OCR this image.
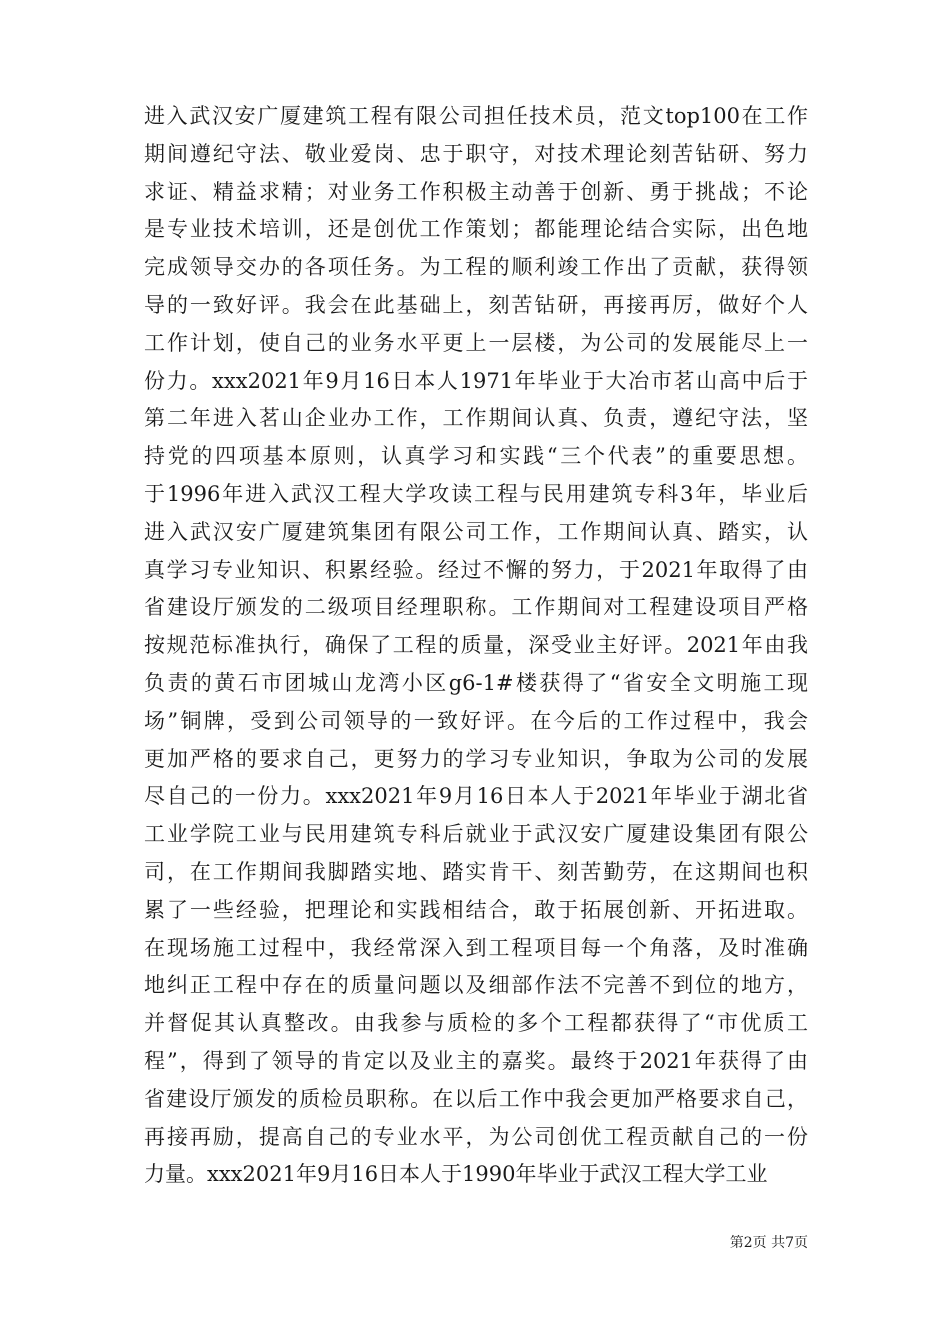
进入武汉安广厦建筑工程有限公司担任技术员，范文top100在工作
期间遵纪守法、敬业爱岗、忠于职守，对技术理论刻苦钻研、努力
求证、精益求精；对业务工作积极主动善于创新、勇于挑战；不论
是专业技术培训，还是创优工作策划；都能理论结合实际，出色地
完成领导交办的各项任务。为工程的顺利竣工作出了贡献，获得领
导的一致好评。我会在此基础上，刻苦钻研，再接再厉，做好个人
工作计划，使自己的业务水平更上一层楼，为公司的发展能尽上一
份力。xxx2021年9月16日本人1971年毕业于大冶市茗山高中后于
第二年进入茗山企业办工作，工作期间认真、负责，遵纪守法，坚
持党的四项基本原则，认真学习和实践“三个代表”的重要思想。
于1996年进入武汉工程大学攻读工程与民用建筑专科3年，毕业后
进入武汉安广厦建筑集团有限公司工作，工作期间认真、踏实，认
真学习专业知识、积累经验。经过不懈的努力，于2021年取得了由
省建设厅颁发的二级项目经理职称。工作期间对工程建设项目严格
按规范标准执行，确保了工程的质量，深受业主好评。2021年由我
负责的黄石市团城山龙湾小区g6-1#楼获得了“省安全文明施工现
场”铜牌，受到公司领导的一致好评。在今后的工作过程中，我会
更加严格的要求自己，更努力的学习专业知识，争取为公司的发展
尽自己的一份力。xxx2021年9月16日本人于2021年毕业于湖北省
工业学院工业与民用建筑专科后就业于武汉安广厦建设集团有限公
司，在工作期间我脚踏实地、踏实肯干、刻苦勤劳，在这期间也积
累了一些经验，把理论和实践相结合，敢于拓展创新、开拓进取。
在现场施工过程中，我经常深入到工程项目每一个角落，及时准确
地纠正工程中存在的质量问题以及细部作法不完善不到位的地方，
并督促其认真整改。由我参与质检的多个工程都获得了“市优质工
程”，得到了领导的肯定以及业主的嘉奖。最终于2021年获得了由
省建设厅颁发的质检员职称。在以后工作中我会更加严格要求自己，
再接再励，提高自己的专业水平，为公司创优工程贡献自己的一份
力量。xxx2021年9月16日本人于1990年毕业于武汉工程大学工业
第2页 共7页
